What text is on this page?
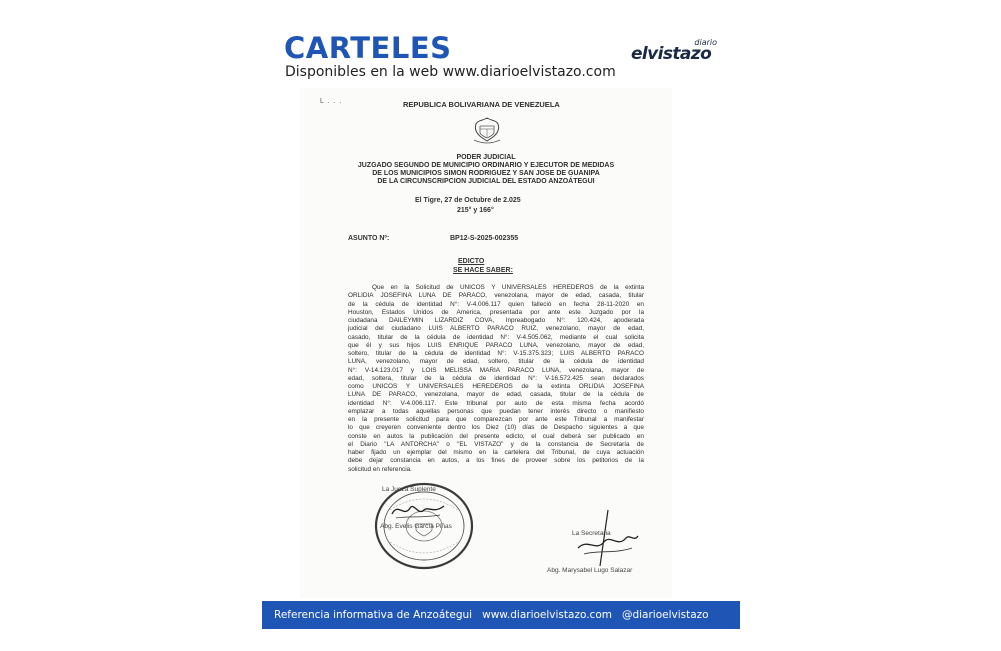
CARTELES
Disponibles en la web www.diarioelvistazo.com
diario
elvistazo
L . . .	REPUBLICA BOLIVARIANA DE VENEZUELA
PODER JUDICIAL
JUZGADO SEGUNDO DE MUNICIPIO ORDINARIO Y EJECUTOR DE MEDIDAS
DE LOS MUNICIPIOS SIMON RODRIGUEZ Y SAN JOSE DE GUANIPA
DE LA CIRCUNSCRIPCION JUDICIAL DEL ESTADO ANZOÁTEGUI
El Tigre, 27 de Octubre de 2.025
215° y 166°
ASUNTO Nº:	BP12-S-2025-002355
EDICTO
SE HACE SABER:
Que en la Solicitud de UNICOS Y UNIVERSALES HEREDEROS de la extinta
ORLIDIA JOSEFINA LUNA DE PARACO, venezolana, mayor de edad, casada, titular
de la cédula de identidad N°: V-4.006.117 quien falleció en fecha 28-11-2020 en
Houston, Estados Unidos de America, presentada por ante este Juzgado por la
ciudadana DAILEYMIN LIZARDIZ COVA, Inpreabogado N°: 120.424, apoderada
judicial del ciudadano LUIS ALBERTO PARACO RUIZ, venezolano, mayor de edad,
casado, titular de la cédula de identidad N°: V-4.505.062, mediante el cual solicita
que él y sus hijos LUIS ENRIQUE PARACO LUNA, venezolano, mayor de edad,
soltero, titular de la cédula de identidad N°: V-15.375.323; LUIS ALBERTO PARACO
LUNA, venezolano, mayor de edad, soltero, titular de la cédula de identidad
N°: V-14.123.017 y LOIS MELISSA MARIA PARACO LUNA, venezolana, mayor de
edad, soltera, titular de la cédula de identidad N°: V-16.572.425 sean declarados
como UNICOS Y UNIVERSALES HEREDEROS de la extinta ORLIDIA JOSEFINA
LUNA DE PARACO, venezolana, mayor de edad, casada, titular de la cédula de
identidad N°: V-4.006.117. Este tribunal por auto de esta misma fecha acordó
emplazar a todas aquellas personas que puedan tener interés directo o manifiesto
en la presente solicitud para que comparezcan por ante este Tribunal a manifestar
lo que creyeren conveniente dentro los Diez (10) días de Despacho siguientes a que
conste en autos la publicación del presente edicto, el cual deberá ser publicado en
el Diario "LA ANTORCHA" o "EL VISTAZO" y de la constancia de Secretaría de
haber fijado un ejemplar del mismo en la cartelera del Tribunal, de cuya actuación
debe dejar constancia en autos, a los fines de proveer sobre los petitorios de la
solicitud en referencia.
La Jueza Suplente
Abg. Evelis García Piñas
La Secretaria
Abg. Marysabel Lugo Salazar
Referencia informativa de Anzoátegui www.diarioelvistazo.com @diarioelvistazo
